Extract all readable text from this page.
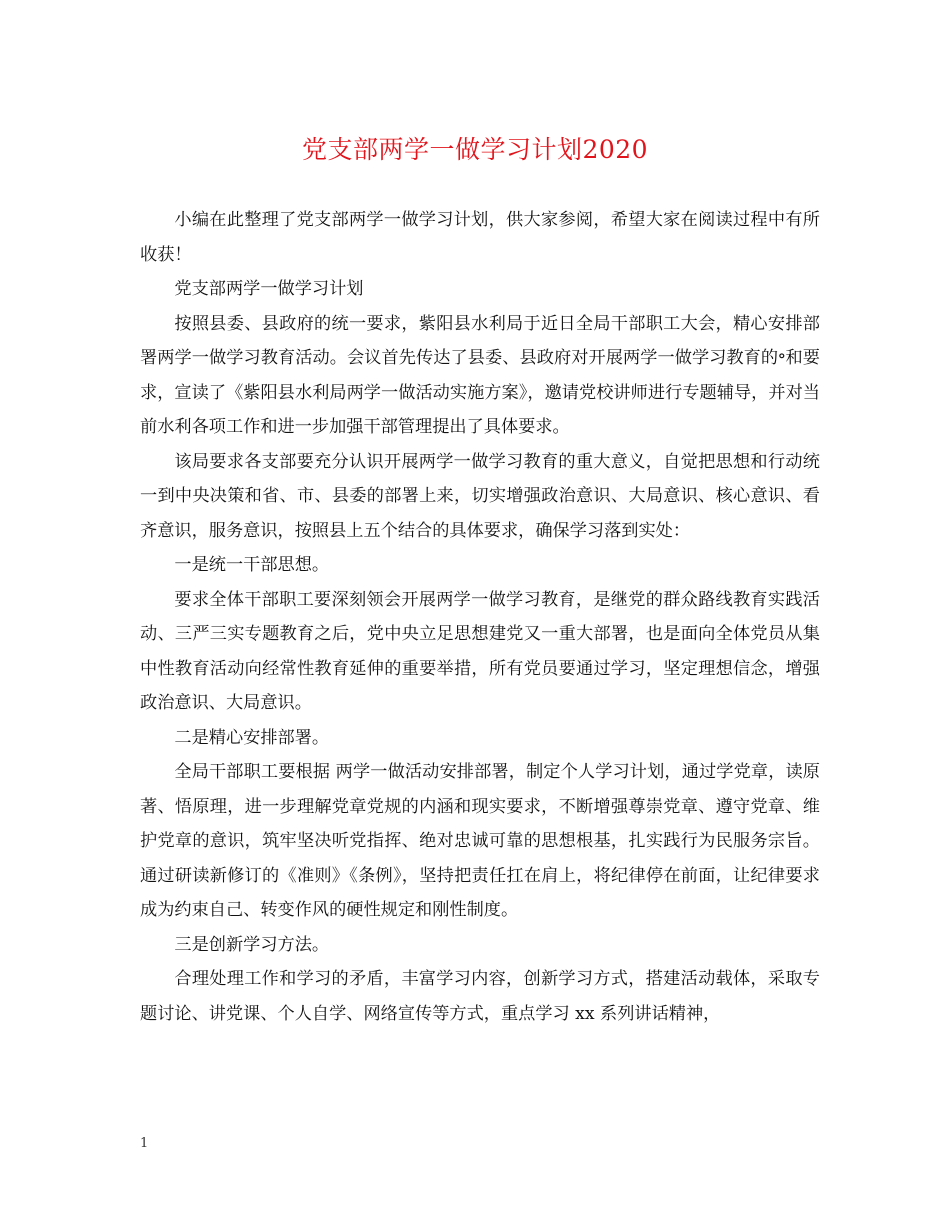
党支部两学一做学习计划2020

小编在此整理了党支部两学一做学习计划，供大家参阅，希望大家在阅读过程中有所收获！

党支部两学一做学习计划

按照县委、县政府的统一要求，紫阳县水利局于近日全局干部职工大会，精心安排部署两学一做学习教育活动。会议首先传达了县委、县政府对开展两学一做学习教育的॰和要求，宣读了《紫阳县水利局两学一做活动实施方案》，邀请党校讲师进行专题辅导，并对当前水利各项工作和进一步加强干部管理提出了具体要求。

该局要求各支部要充分认识开展两学一做学习教育的重大意义，自觉把思想和行动统一到中央决策和省、市、县委的部署上来，切实增强政治意识、大局意识、核心意识、看齐意识，服务意识，按照县上五个结合的具体要求，确保学习落到实处：

一是统一干部思想。

要求全体干部职工要深刻领会开展两学一做学习教育，是继党的群众路线教育实践活动、三严三实专题教育之后，党中央立足思想建党又一重大部署，也是面向全体党员从集中性教育活动向经常性教育延伸的重要举措，所有党员要通过学习，坚定理想信念，增强政治意识、大局意识。

二是精心安排部署。

全局干部职工要根据 两学一做活动安排部署，制定个人学习计划，通过学党章，读原著、悟原理，进一步理解党章党规的内涵和现实要求，不断增强尊崇党章、遵守党章、维护党章的意识，筑牢坚决听党指挥、绝对忠诚可靠的思想根基，扎实践行为民服务宗旨。通过研读新修订的《准则》《条例》，坚持把责任扛在肩上，将纪律停在前面，让纪律要求成为约束自己、转变作风的硬性规定和刚性制度。

三是创新学习方法。

合理处理工作和学习的矛盾，丰富学习内容，创新学习方式，搭建活动载体，采取专题讨论、讲党课、个人自学、网络宣传等方式，重点学习 xx 系列讲话精神，

1
